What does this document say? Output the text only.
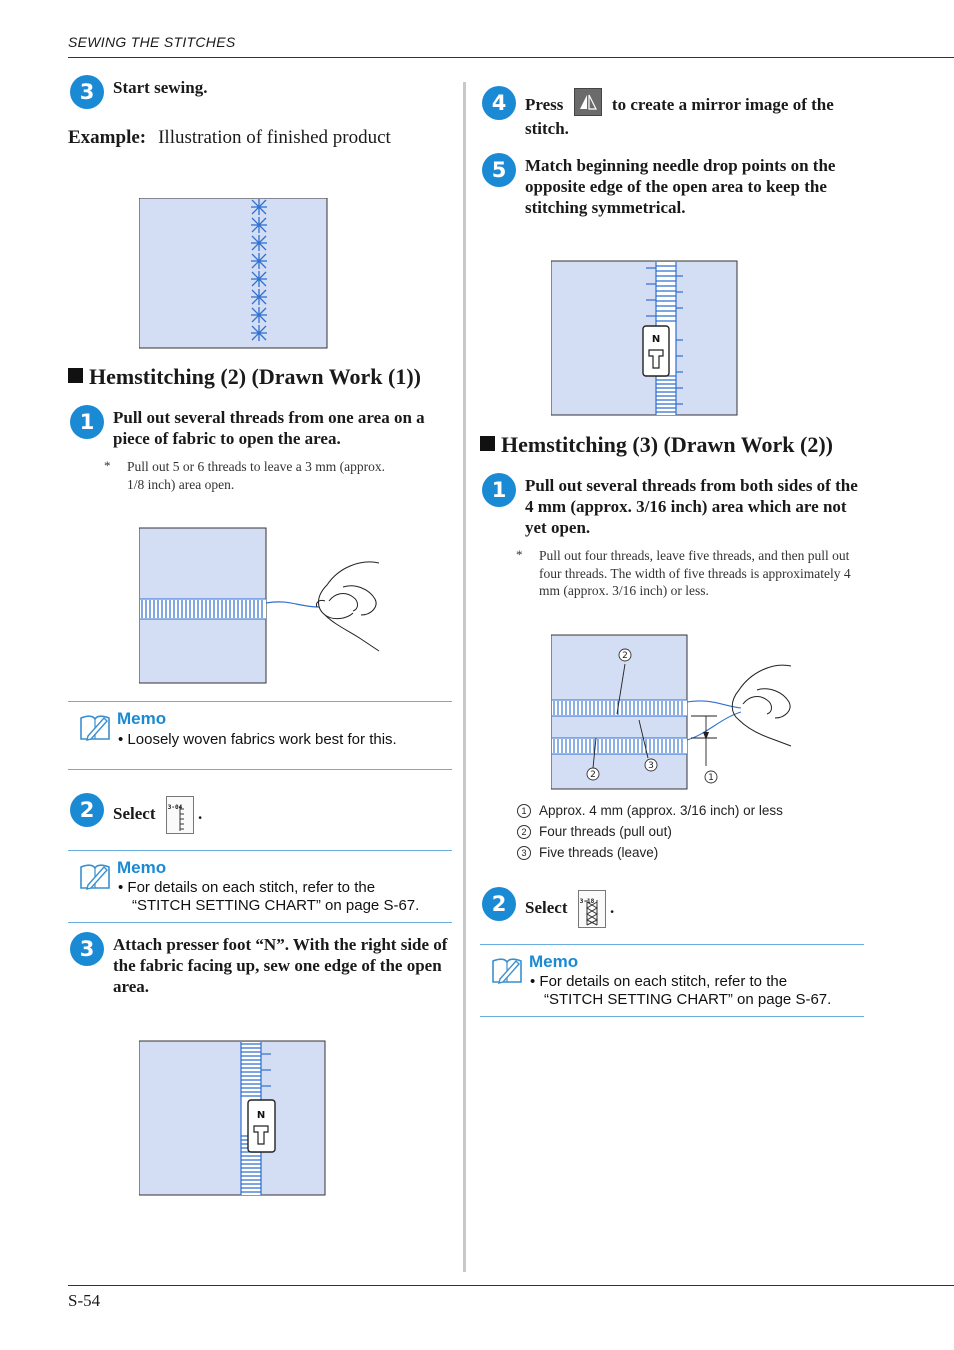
SEWING THE STITCHES
3	Start sewing.
Example: Illustration of finished product
Hemstitching (2) (Drawn Work (1))
1	Pull out several threads from one area on a piece of fabric to open the area.
* Pull out 5 or 6 threads to leave a 3 mm (approx. 1/8 inch) area open.
Memo
• Loosely woven fabrics work best for this.
2	Select 3-04 .
Memo
• For details on each stitch, refer to the
“STITCH SETTING CHART” on page S-67.
3	Attach presser foot “N”. With the right side of the fabric facing up, sew one edge of the open area.
N
4	Press	to create a mirror image of the
stitch.
5	Match beginning needle drop points on the opposite edge of the open area to keep the stitching symmetrical.
N
Hemstitching (3) (Drawn Work (2))
1	Pull out several threads from both sides of the 4 mm (approx. 3/16 inch) area which are not yet open.
* Pull out four threads, leave five threads, and then pull out four threads. The width of five threads is approximately 4 mm (approx. 3/16 inch) or less.
2
2
3
1
1 Approx. 4 mm (approx. 3/16 inch) or less
2 Four threads (pull out)
3 Five threads (leave)
2	Select 3-18 .
Memo
• For details on each stitch, refer to the
“STITCH SETTING CHART” on page S-67.
S-54
